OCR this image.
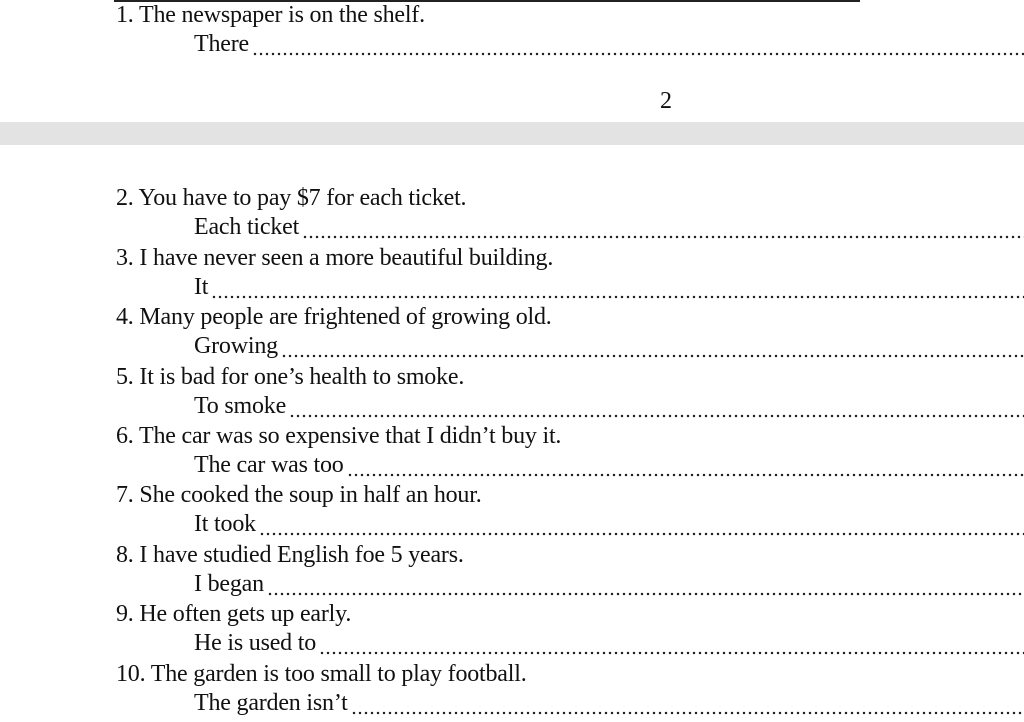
1. The newspaper is on the shelf.
There
2
2. You have to pay $7 for each ticket.
Each ticket
3. I have never seen a more beautiful building.
It
4. Many people are frightened of growing old.
Growing
5. It is bad for one’s health to smoke.
To smoke
6. The car was so expensive that I didn’t buy it.
The car was too
7. She cooked the soup in half an hour.
It took
8. I have studied English foe 5 years.
I began
9. He often gets up early.
He is used to
10. The garden is too small to play football.
The garden isn’t
